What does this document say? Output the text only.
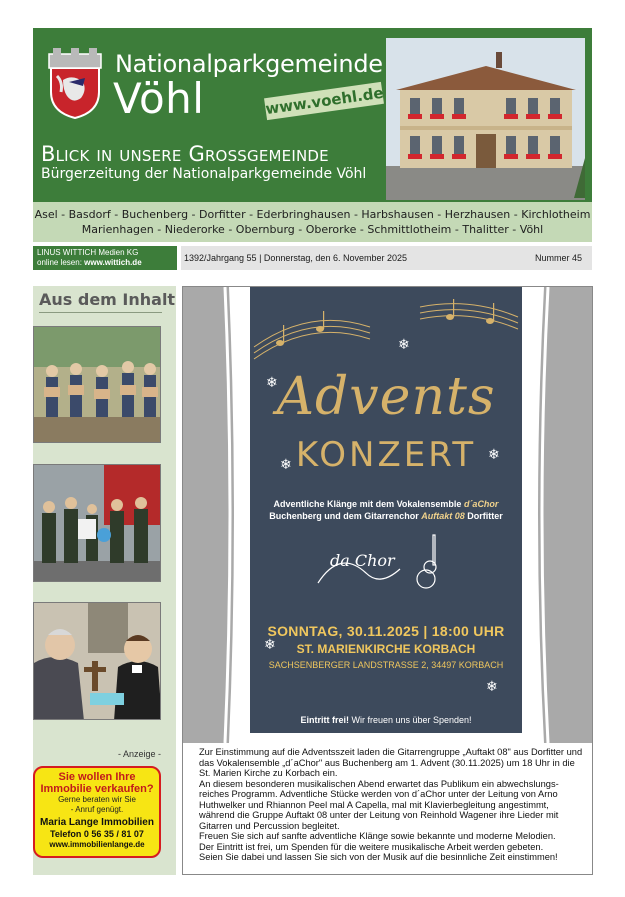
Nationalparkgemeinde
Vöhl	www.voehl.de
Blick in unsere Grossgemeinde
Bürgerzeitung der Nationalparkgemeinde Vöhl
Asel - Basdorf - Buchenberg - Dorfitter - Ederbringhausen - Harbshausen - Herzhausen - Kirchlotheim
Marienhagen - Niederorke - Obernburg - Oberorke - Schmittlotheim - Thalitter - Vöhl
LINUS WITTICH Medien KG
online lesen: www.wittich.de	1392/Jahrgang 55 | Donnerstag, den 6. November 2025	Nummer 45
Aus dem Inhalt
- Anzeige -
Sie wollen Ihre
Immobilie verkaufen?
Gerne beraten wir Sie
- Anruf genügt.
Maria Lange Immobilien
Telefon 0 56 35 / 81 07
www.immobilienlange.de
❄
❄
❄
❄
❄
❄
Advents
KONZERT
Adventliche Klänge mit dem Vokalensemble d´aChor
Buchenberg und dem Gitarrenchor Auftakt 08 Dorfitter
da Chor
SONNTAG, 30.11.2025 | 18:00 UHR
ST. MARIENKIRCHE KORBACH
SACHSENBERGER LANDSTRASSE 2, 34497 KORBACH
Eintritt frei! Wir freuen uns über Spenden!
Zur Einstimmung auf die Adventsszeit laden die Gitarrengruppe „Auftakt 08" aus Dorfitter und das Vokalensemble „d´aChor" aus Buchenberg am 1. Advent (30.11.2025) um 18 Uhr in die St. Marien Kirche zu Korbach ein.
An diesem besonderen musikalischen Abend erwartet das Publikum ein abwechslungs-reiches Programm. Adventliche Stücke werden von d´aChor unter der Leitung von Arno Huthwelker und Rhiannon Peel mal A Capella, mal mit Klavierbegleitung angestimmt, während die Gruppe Auftakt 08 unter der Leitung von Reinhold Wagener ihre Lieder mit Gitarren und Percussion begleitet.
Freuen Sie sich auf sanfte adventliche Klänge sowie bekannte und moderne Melodien.
Der Eintritt ist frei, um Spenden für die weitere musikalische Arbeit werden gebeten.
Seien Sie dabei und lassen Sie sich von der Musik auf die besinnliche Zeit einstimmen!
